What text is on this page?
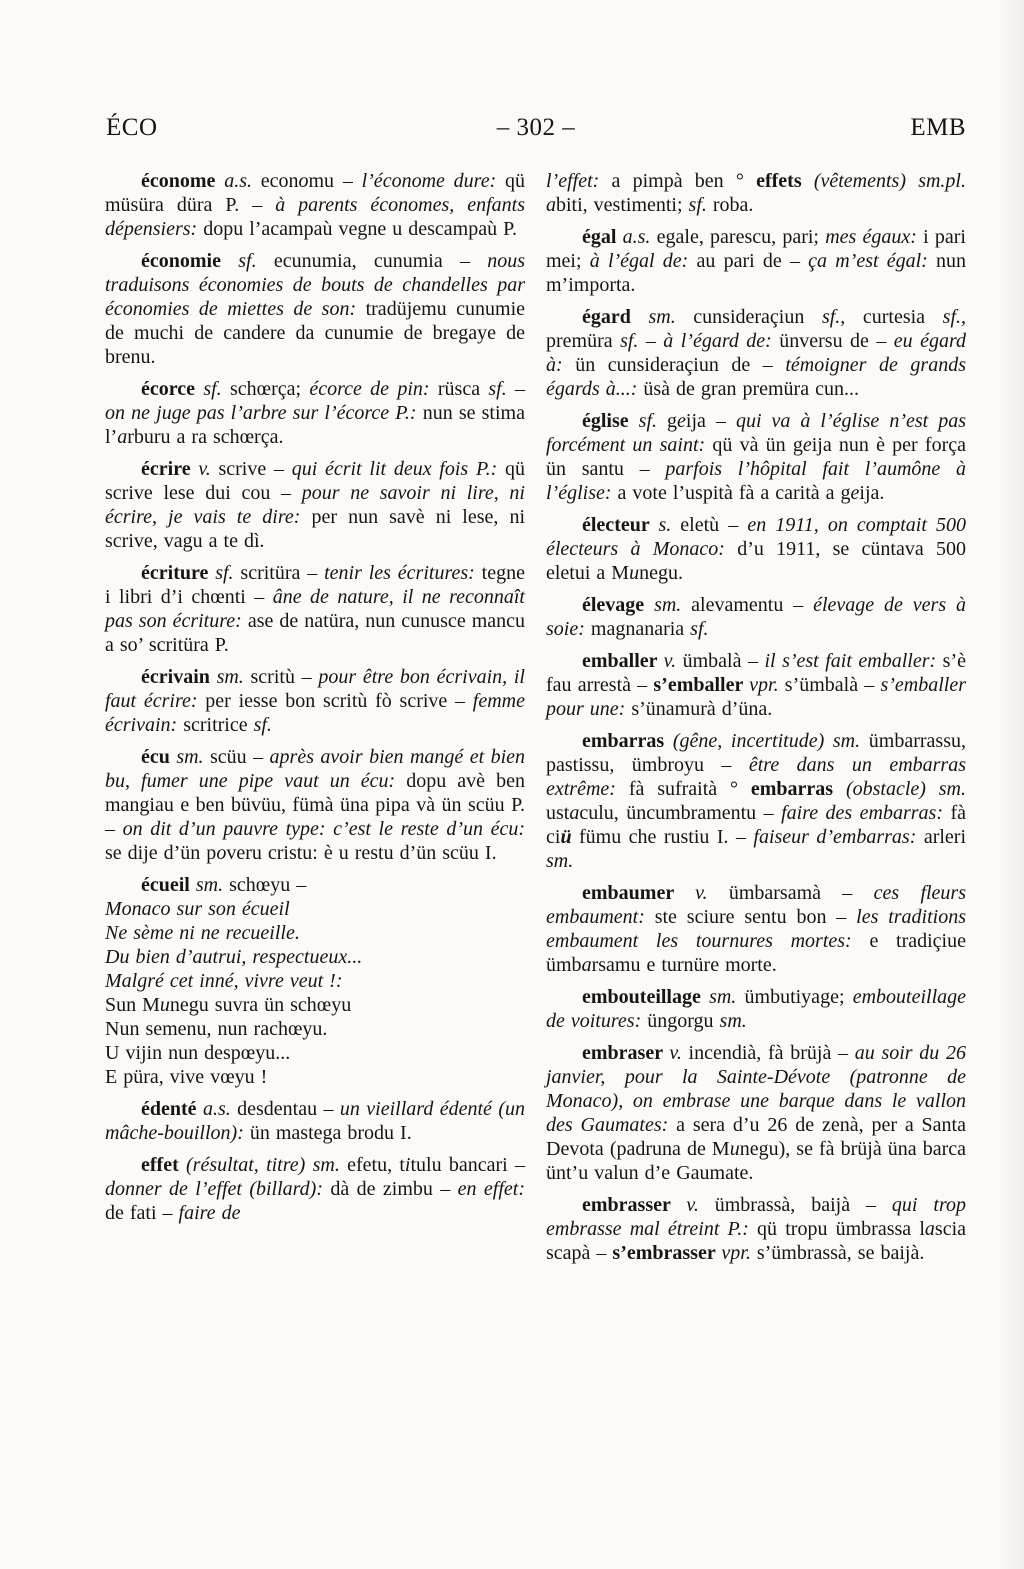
ÉCO	– 302 –	EMB

économe a.s. economu – l’économe dure: qü müsüra düra P. – à parents économes, enfants dépensiers: dopu l’acampaù vegne u descampaù P.

économie sf. ecunumia, cunumia – nous traduisons économies de bouts de chandelles par économies de miettes de son: tradüjemu cunumie de muchi de candere da cunumie de bregaye de brenu.

écorce sf. schœrça; écorce de pin: rüsca sf. – on ne juge pas l’arbre sur l’écorce P.: nun se stima l’arburu a ra schœrça.

écrire v. scrive – qui écrit lit deux fois P.: qü scrive lese dui cou – pour ne savoir ni lire, ni écrire, je vais te dire: per nun savè ni lese, ni scrive, vagu a te dì.

écriture sf. scritüra – tenir les écritures: tegne i libri d’i chœnti – âne de nature, il ne reconnaît pas son écriture: ase de natüra, nun cunusce mancu a so’ scritüra P.

écrivain sm. scritù – pour être bon écrivain, il faut écrire: per iesse bon scritù fò scrive – femme écrivain: scritrice sf.

écu sm. scüu – après avoir bien mangé et bien bu, fumer une pipe vaut un écu: dopu avè ben mangiau e ben büvüu, fümà üna pipa và ün scüu P. – on dit d’un pauvre type: c’est le reste d’un écu: se dije d’ün poveru cristu: è u restu d’ün scüu I.

écueil sm. schœyu –

Monaco sur son écueil

Ne sème ni ne recueille.

Du bien d’autrui, respectueux...

Malgré cet inné, vivre veut !:

Sun Munegu suvra ün schœyu

Nun semenu, nun rachœyu.

U vijin nun despœyu...

E püra, vive vœyu !

édenté a.s. desdentau – un vieillard édenté (un mâche-bouillon): ün mastega brodu I.

effet (résultat, titre) sm. efetu, titulu bancari – donner de l’effet (billard): dà de zimbu – en effet: de fati – faire de

l’effet: a pimpà ben ° effets (vêtements) sm.pl. abiti, vestimenti; sf. roba.

égal a.s. egale, parescu, pari; mes égaux: i pari mei; à l’égal de: au pari de – ça m’est égal: nun m’importa.

égard sm. cunsideraçiun sf., curtesia sf., premüra sf. – à l’égard de: ünversu de – eu égard à: ün cunsideraçiun de – témoigner de grands égards à...: üsà de gran premüra cun...

église sf. geija – qui va à l’église n’est pas forcément un saint: qü và ün geija nun è per força ün santu – parfois l’hôpital fait l’aumône à l’église: a vote l’uspità fà a carità a geija.

électeur s. eletù – en 1911, on comptait 500 électeurs à Monaco: d’u 1911, se cüntava 500 eletui a Munegu.

élevage sm. alevamentu – élevage de vers à soie: magnanaria sf.

emballer v. ümbalà – il s’est fait emballer: s’è fau arrestà – s’emballer vpr. s’ümbalà – s’emballer pour une: s’ünamurà d’üna.

embarras (gêne, incertitude) sm. ümbarrassu, pastissu, ümbroyu – être dans un embarras extrême: fà sufraità ° embarras (obstacle) sm. ustaculu, üncumbramentu – faire des embarras: fà ciü fümu che rustiu I. – faiseur d’embarras: arleri sm.

embaumer v. ümbarsamà – ces fleurs embaument: ste sciure sentu bon – les traditions embaument les tournures mortes: e tradiçiue ümbarsamu e turnüre morte.

embouteillage sm. ümbutiyage; embouteillage de voitures: üngorgu sm.

embraser v. incendià, fà brüjà – au soir du 26 janvier, pour la Sainte-Dévote (patronne de Monaco), on embrase une barque dans le vallon des Gaumates: a sera d’u 26 de zenà, per a Santa Devota (padruna de Munegu), se fà brüjà üna barca ünt’u valun d’e Gaumate.

embrasser v. ümbrassà, baijà – qui trop embrasse mal étreint P.: qü tropu ümbrassa lascia scapà – s’embrasser vpr. s’ümbrassà, se baijà.
